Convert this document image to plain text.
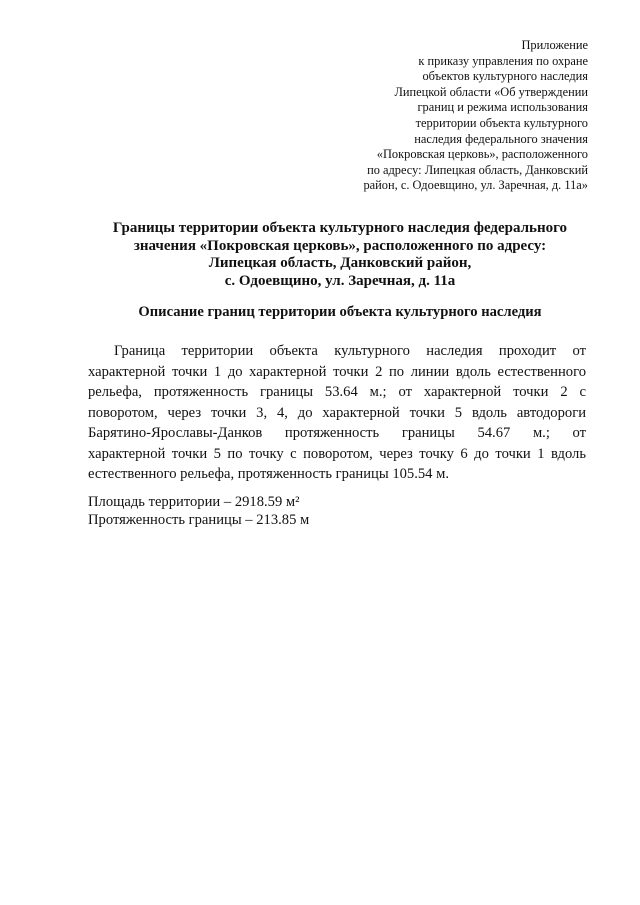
Приложение
к приказу управления по охране
объектов культурного наследия
Липецкой области «Об утверждении
границ и режима использования
территории объекта культурного
наследия федерального значения
«Покровская церковь», расположенного
по адресу: Липецкая область, Данковский
район, с. Одоевщино, ул. Заречная, д. 11а»
Границы территории объекта культурного наследия федерального
значения «Покровская церковь», расположенного по адресу:
Липецкая область, Данковский район,
с. Одоевщино, ул. Заречная, д. 11а
Описание границ территории объекта культурного наследия
Граница территории объекта культурного наследия проходит от
характерной точки 1 до характерной точки 2 по линии вдоль естественного
рельефа, протяженность границы 53.64 м.; от характерной точки 2 с
поворотом, через точки 3, 4, до характерной точки 5 вдоль автодороги
Барятино-Ярославы-Данков протяженность границы 54.67 м.; от
характерной точки 5 по точку с поворотом, через точку 6 до точки 1 вдоль
естественного рельефа, протяженность границы 105.54 м.
Площадь территории – 2918.59 м²
Протяженность границы – 213.85 м
